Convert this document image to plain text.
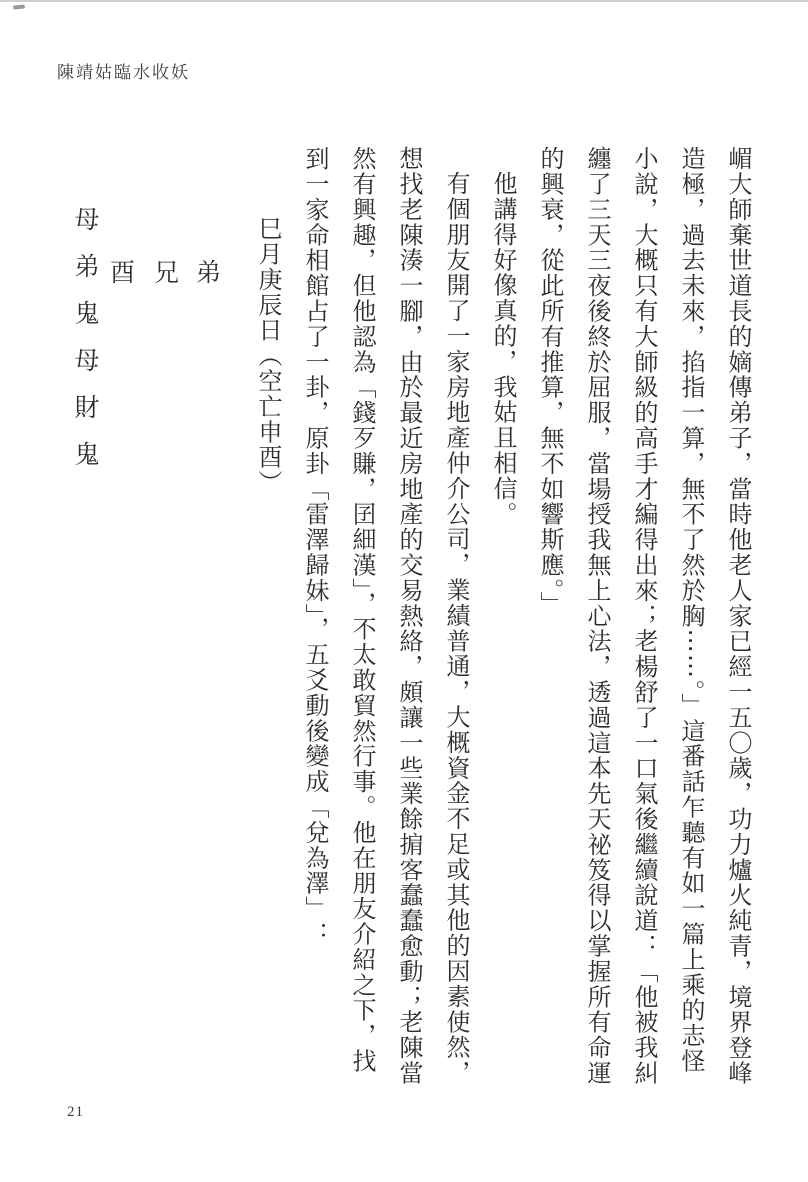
陳靖姑臨水收妖

嵋大師棄世道長的嫡傳弟子，當時他老人家已經一五〇歲，功力爐火純青，境界登峰造極，過去未來，掐指一算，無不了然於胸⋯⋯。」這番話乍聽有如一篇上乘的志怪小說，大概只有大師級的高手才編得出來；老楊舒了一口氣後繼續說道：「他被我糾纏了三天三夜後終於屈服，當場授我無上心法，透過這本先天祕笈得以掌握所有命運的興衰，從此所有推算，無不如響斯應。」

他講得好像真的，我姑且相信。

有個朋友開了一家房地產仲介公司，業績普通，大概資金不足或其他的因素使然，想找老陳湊一腳，由於最近房地產的交易熱絡，頗讓一些業餘掮客蠢蠢愈動；老陳當然有興趣，但他認為「錢歹賺，囝細漢」，不太敢貿然行事。他在朋友介紹之下，找到一家命相館占了一卦，原卦「雷澤歸妹」，五爻動後變成「兌為澤」：

巳月庚辰日（空亡申酉）

母弟鬼母財鬼 酉 兄 弟
21
